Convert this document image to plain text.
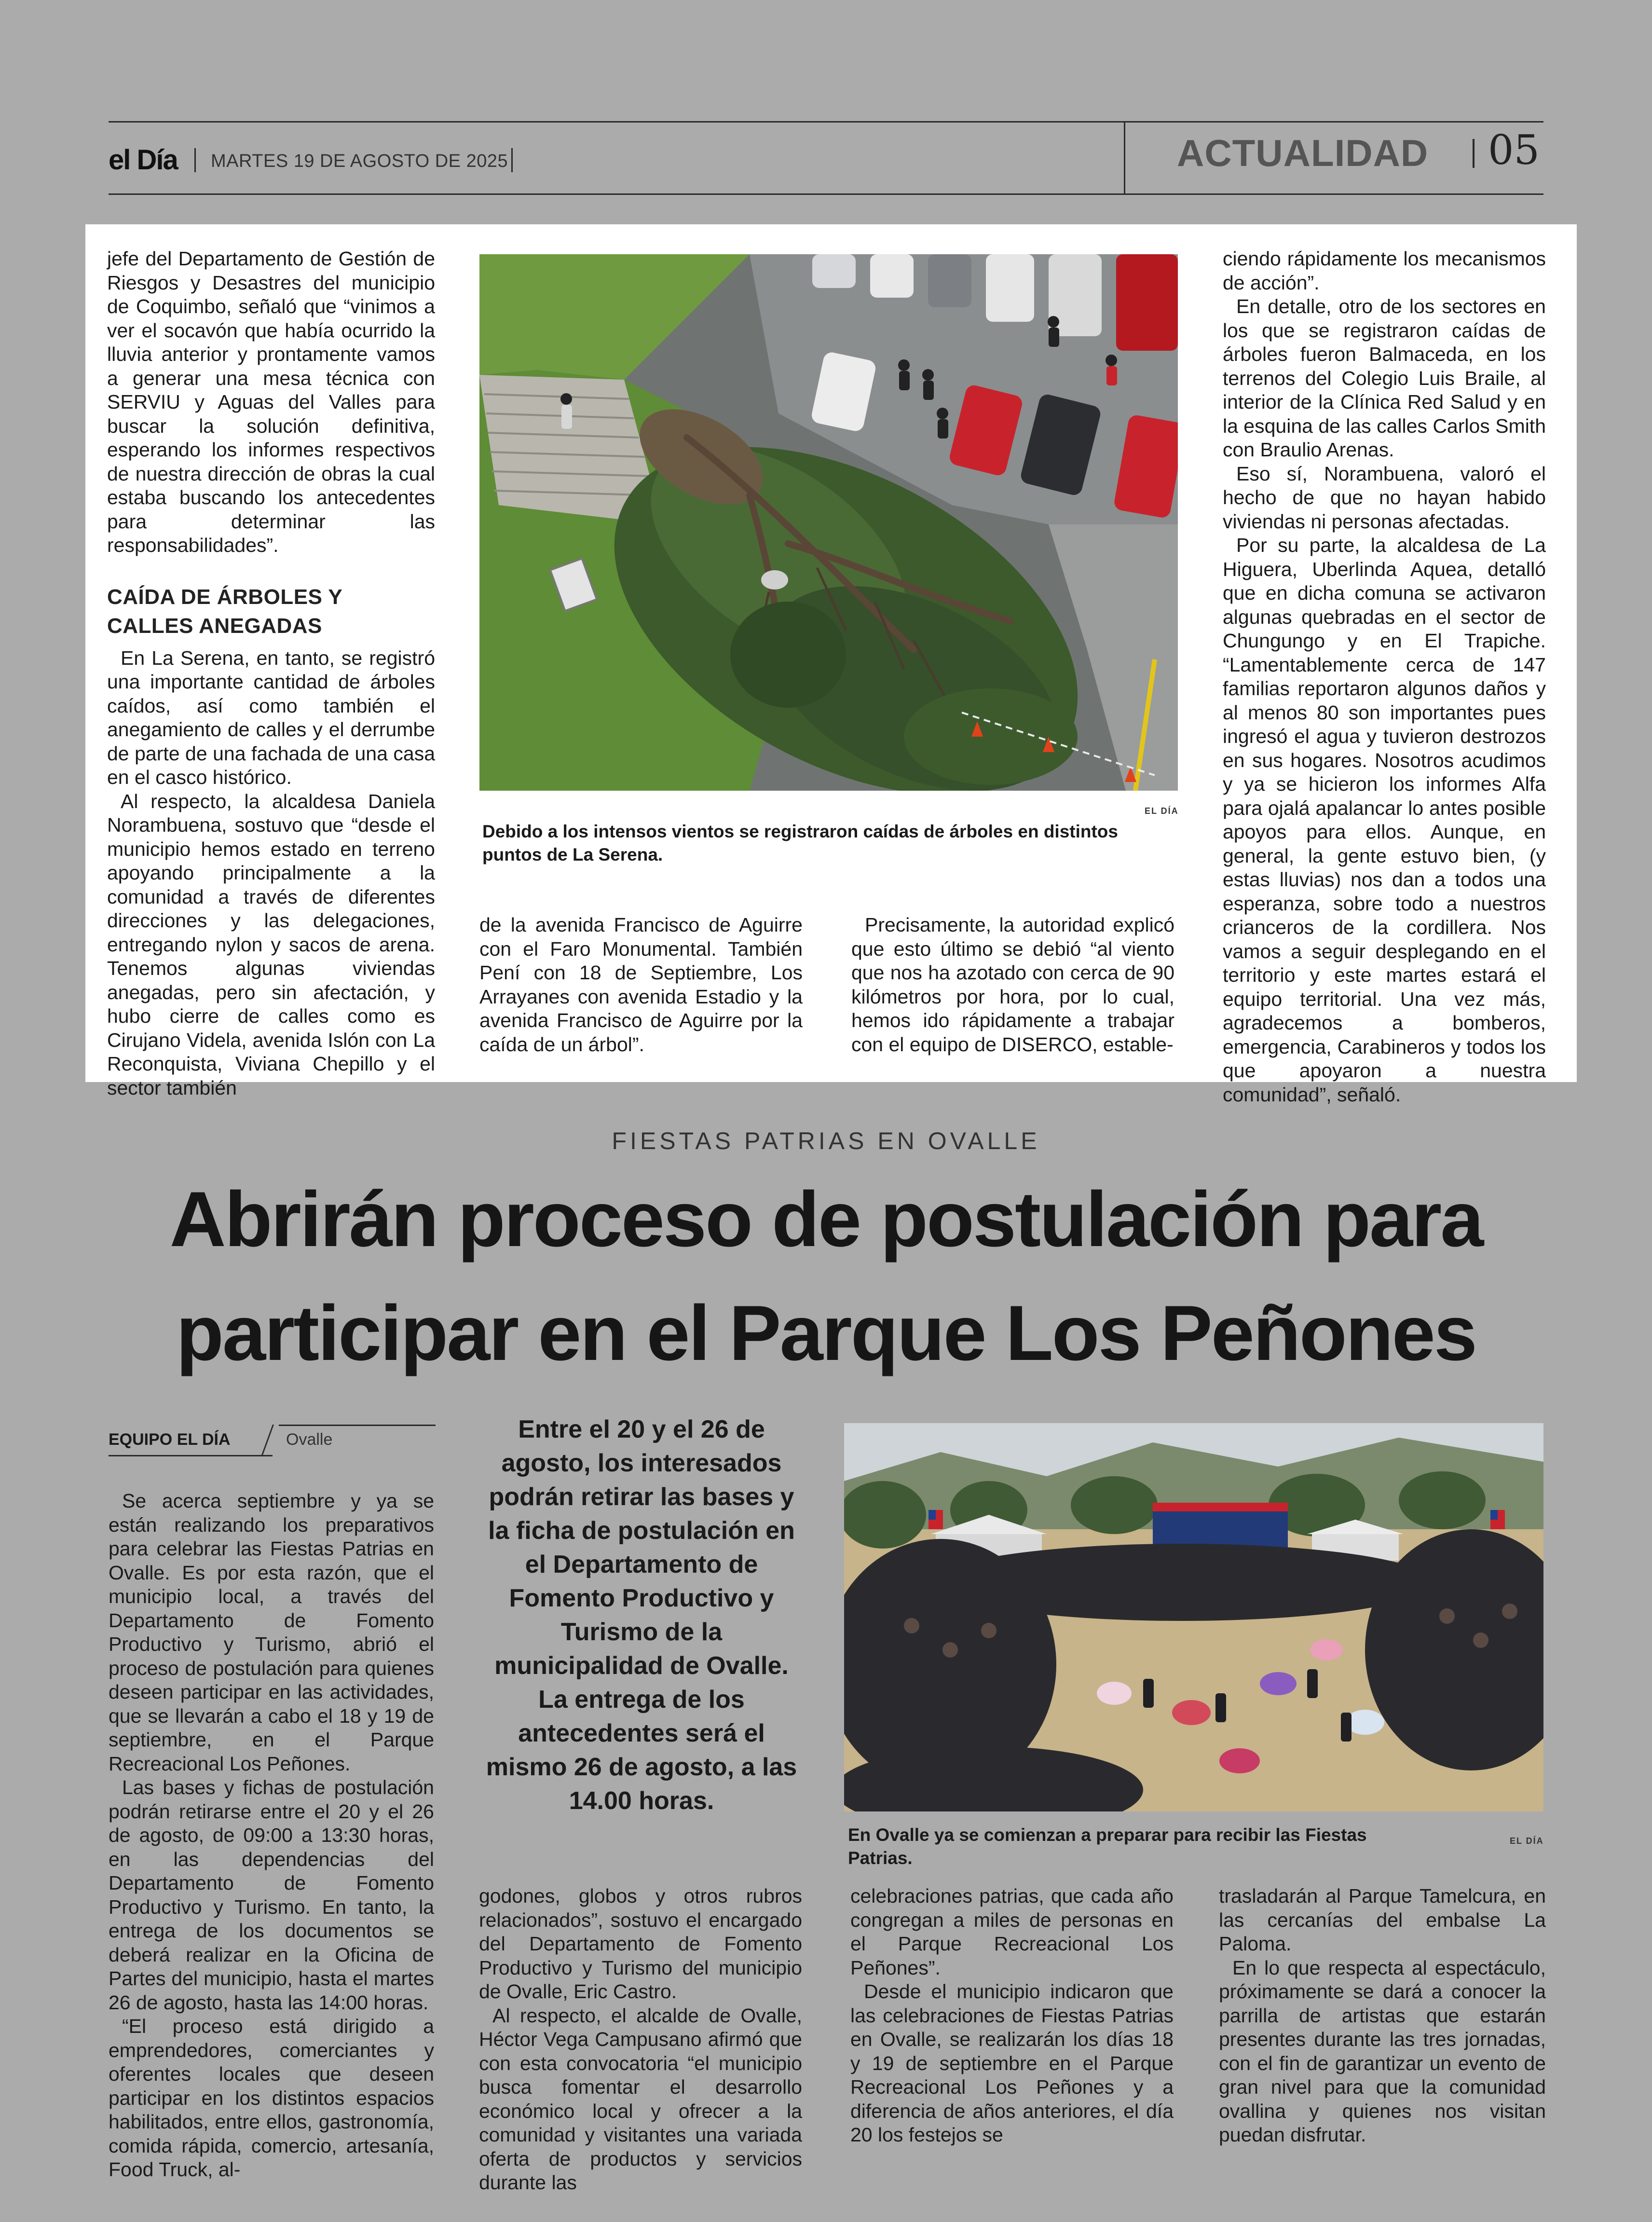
el Día MARTES 19 DE AGOSTO DE 2025	ACTUALIDAD 05

jefe del Departamento de Gestión de Riesgos y Desastres del municipio de Coquimbo, señaló que “vinimos a ver el socavón que había ocurrido la lluvia anterior y prontamente vamos a generar una mesa técnica con SERVIU y Aguas del Valles para buscar la solución definitiva, esperando los informes respectivos de nuestra dirección de obras la cual estaba buscando los antecedentes para determinar las responsabilidades”.

CAÍDA DE ÁRBOLES Y
CALLES ANEGADAS

En La Serena, en tanto, se registró una importante cantidad de árboles caídos, así como también el anegamiento de calles y el derrumbe de parte de una fachada de una casa en el casco histórico.

Al respecto, la alcaldesa Daniela Norambuena, sostuvo que “desde el municipio hemos estado en terreno apoyando principalmente a la comunidad a través de diferentes direcciones y las delegaciones, entregando nylon y sacos de arena. Tenemos algunas viviendas anegadas, pero sin afectación, y hubo cierre de calles como es Cirujano Videla, avenida Islón con La Reconquista, Viviana Chepillo y el sector también

EL DÍA
Debido a los intensos vientos se registraron caídas de árboles en distintos puntos de La Serena.

de la avenida Francisco de Aguirre con el Faro Monumental. También Pení con 18 de Septiembre, Los Arrayanes con avenida Estadio y la avenida Francisco de Aguirre por la caída de un árbol”.

Precisamente, la autoridad explicó que esto último se debió “al viento que nos ha azotado con cerca de 90 kilómetros por hora, por lo cual, hemos ido rápidamente a trabajar con el equipo de DISERCO, estable-

ciendo rápidamente los mecanismos de acción”.

En detalle, otro de los sectores en los que se registraron caídas de árboles fueron Balmaceda, en los terrenos del Colegio Luis Braile, al interior de la Clínica Red Salud y en la esquina de las calles Carlos Smith con Braulio Arenas.

Eso sí, Norambuena, valoró el hecho de que no hayan habido viviendas ni personas afectadas.

Por su parte, la alcaldesa de La Higuera, Uberlinda Aquea, detalló que en dicha comuna se activaron algunas quebradas en el sector de Chungungo y en El Trapiche. “Lamentablemente cerca de 147 familias reportaron algunos daños y al menos 80 son importantes pues ingresó el agua y tuvieron destrozos en sus hogares. Nosotros acudimos y ya se hicieron los informes Alfa para ojalá apalancar lo antes posible apoyos para ellos. Aunque, en general, la gente estuvo bien, (y estas lluvias) nos dan a todos una esperanza, sobre todo a nuestros crianceros de la cordillera. Nos vamos a seguir desplegando en el territorio y este martes estará el equipo territorial. Una vez más, agradecemos a bomberos, emergencia, Carabineros y todos los que apoyaron a nuestra comunidad”, señaló.

FIESTAS PATRIAS EN OVALLE
Abrirán proceso de postulación para
participar en el Parque Los Peñones
EQUIPO EL DÍA	Ovalle

Se acerca septiembre y ya se están realizando los preparativos para celebrar las Fiestas Patrias en Ovalle. Es por esta razón, que el municipio local, a través del Departamento de Fomento Productivo y Turismo, abrió el proceso de postulación para quienes deseen participar en las actividades, que se llevarán a cabo el 18 y 19 de septiembre, en el Parque Recreacional Los Peñones.

Las bases y fichas de postulación podrán retirarse entre el 20 y el 26 de agosto, de 09:00 a 13:30 horas, en las dependencias del Departamento de Fomento Productivo y Turismo. En tanto, la entrega de los documentos se deberá realizar en la Oficina de Partes del municipio, hasta el martes 26 de agosto, hasta las 14:00 horas.

“El proceso está dirigido a emprendedores, comerciantes y oferentes locales que deseen participar en los distintos espacios habilitados, entre ellos, gastronomía, comida rápida, comercio, artesanía, Food Truck, al-

Entre el 20 y el 26 de agosto, los interesados podrán retirar las bases y la ficha de postulación en el Departamento de Fomento Productivo y Turismo de la municipalidad de Ovalle. La entrega de los antecedentes será el mismo 26 de agosto, a las 14.00 horas.
En Ovalle ya se comienzan a preparar para recibir las Fiestas Patrias.
EL DÍA

godones, globos y otros rubros relacionados”, sostuvo el encargado del Departamento de Fomento Productivo y Turismo del municipio de Ovalle, Eric Castro.

Al respecto, el alcalde de Ovalle, Héctor Vega Campusano afirmó que con esta convocatoria “el municipio busca fomentar el desarrollo económico local y ofrecer a la comunidad y visitantes una variada oferta de productos y servicios durante las

celebraciones patrias, que cada año congregan a miles de personas en el Parque Recreacional Los Peñones”.

Desde el municipio indicaron que las celebraciones de Fiestas Patrias en Ovalle, se realizarán los días 18 y 19 de septiembre en el Parque Recreacional Los Peñones y a diferencia de años anteriores, el día 20 los festejos se

trasladarán al Parque Tamelcura, en las cercanías del embalse La Paloma.

En lo que respecta al espectáculo, próximamente se dará a conocer la parrilla de artistas que estarán presentes durante las tres jornadas, con el fin de garantizar un evento de gran nivel para que la comunidad ovallina y quienes nos visitan puedan disfrutar.
